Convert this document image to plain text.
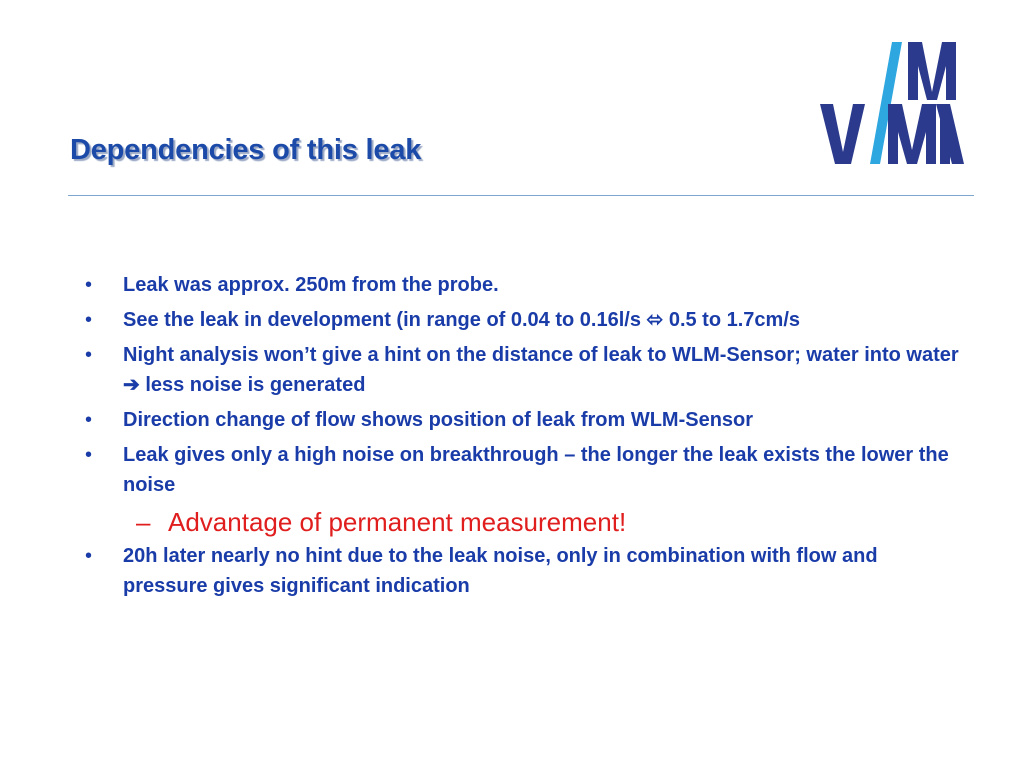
Dependencies of this leak
• Leak was approx. 250m from the probe.
• See the leak in development (in range of 0.04 to 0.16l/s ⬄ 0.5 to 1.7cm/s
• Night analysis won’t give a hint on the distance of leak to WLM-Sensor; water into water ➔ less noise is generated
• Direction change of flow shows position of leak from WLM-Sensor
• Leak gives only a high noise on breakthrough – the longer the leak exists the lower the noise
– Advantage of permanent measurement!
• 20h later nearly no hint due to the leak noise, only in combination with flow and pressure gives significant indication
